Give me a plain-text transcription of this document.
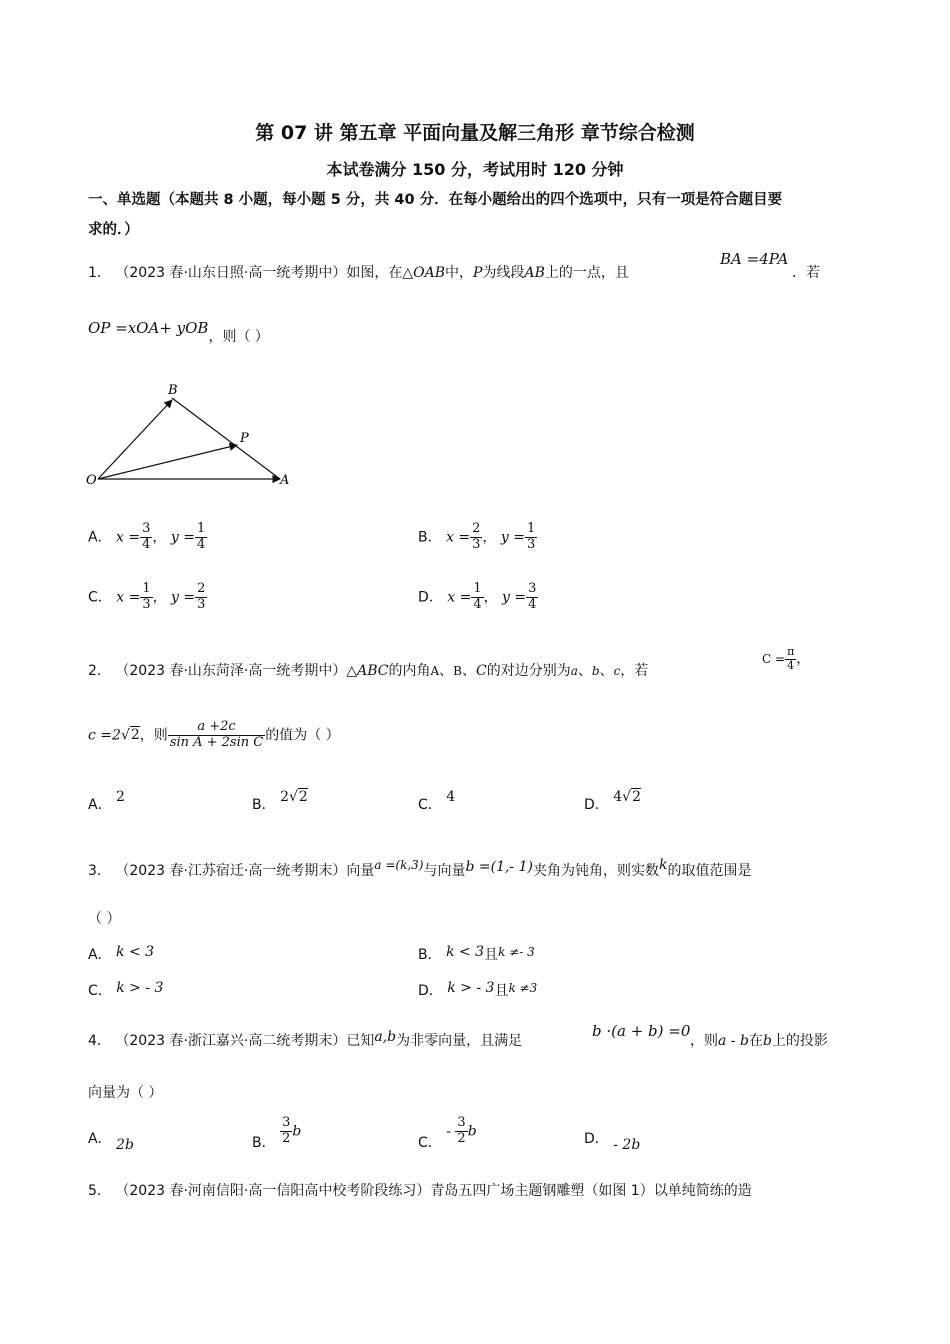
第 07 讲 第五章 平面向量及解三角形 章节综合检测
本试卷满分 150 分，考试用时 120 分钟
一、单选题（本题共 8 小题，每小题 5 分，共 40 分．在每小题给出的四个选项中，只有一项是符合题目要
求的．）
1． （2023 春·山东日照·高一统考期中）如图，在△OAB中，P为线段AB上的一点，且
BA =4PA
．若
OP =xOA+ yOB，则（ ）
B
P
O	A
A． $x = \frac{3}{4}$ ， $y = \frac{1}{4}$	B． $x = \frac{2}{3}$ ， $y = \frac{1}{3}$
C． $x = \frac{1}{3}$ ， $y = \frac{2}{3}$	D． $x = \frac{1}{4}$ ， $y = \frac{3}{4}$
2． （2023 春·山东菏泽·高一统考期中）△ABC的内角A、B、C的对边分别为a、b、c，若
$C = \frac{\pi}{4}$ ，
c =2√2，则 $\frac{a +2c}{\text{sin A + 2sin C}}$ 的值为（ ）
A． 2	B． 2√2	C． 4	D． 4√2
3． （2023 春·江苏宿迁·高一统考期末）向量a =(k,3)与向量b =(1,- 1)夹角为钝角，则实数k的取值范围是
（ ）
A． k < 3	B． k < 3且k ≠- 3
C． k > - 3	D． k > - 3且k ≠3
4． （2023 春·浙江嘉兴·高二统考期末）已知a,b为非零向量，且满足
b ·(a + b) =0
，则a - b在b上的投影
向量为（ ）
A． 2b	B． $\frac{3}{2}$ b
C． - $\frac{3}{2}$ b	D． - 2b
5． （2023 春·河南信阳·高一信阳高中校考阶段练习）青岛五四广场主题钢雕塑（如图 1）以单纯简练的造
